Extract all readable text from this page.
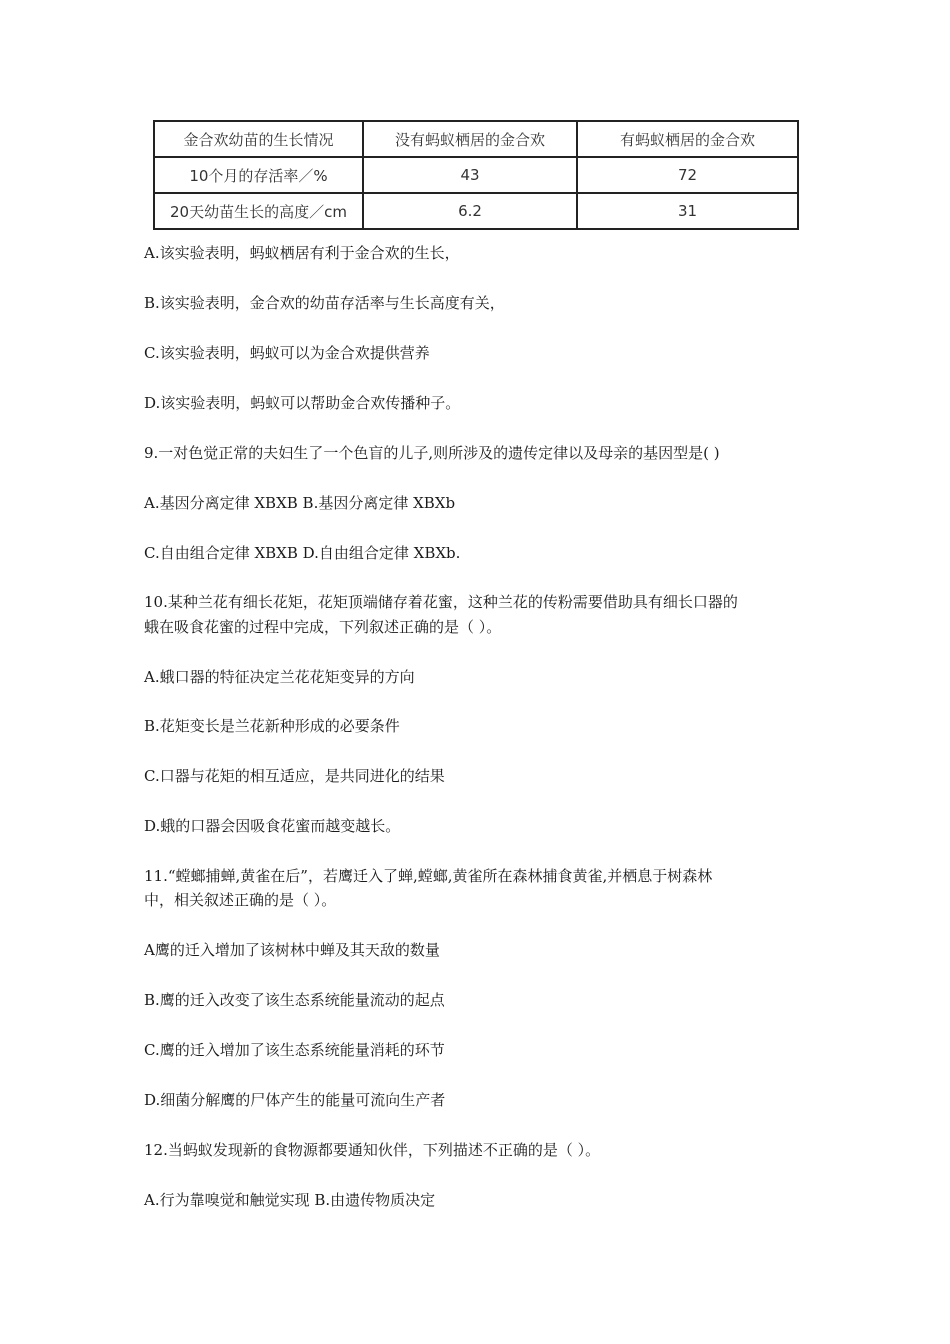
金合欢幼苗的生长情况	没有蚂蚁栖居的金合欢	有蚂蚁栖居的金合欢
10个月的存活率／%	43	72
20天幼苗生长的高度／cm	6.2	31
A.该实验表明，蚂蚁栖居有利于金合欢的生长，
B.该实验表明，金合欢的幼苗存活率与生长高度有关，
C.该实验表明，蚂蚁可以为金合欢提供营养
D.该实验表明，蚂蚁可以帮助金合欢传播种子。
9.一对色觉正常的夫妇生了一个色盲的儿子,则所涉及的遗传定律以及母亲的基因型是( )
A.基因分离定律 XBXB B.基因分离定律 XBXb
C.自由组合定律 XBXB D.自由组合定律 XBXb.
10.某种兰花有细长花矩，花矩顶端储存着花蜜，这种兰花的传粉需要借助具有细长口器的
蛾在吸食花蜜的过程中完成，下列叙述正确的是（ ）。
A.蛾口器的特征决定兰花花矩变异的方向
B.花矩变长是兰花新种形成的必要条件
C.口器与花矩的相互适应，是共同进化的结果
D.蛾的口器会因吸食花蜜而越变越长。
11.“螳螂捕蝉,黄雀在后”，若鹰迁入了蝉,螳螂,黄雀所在森林捕食黄雀,并栖息于树森林
中，相关叙述正确的是（ ）。
A鹰的迁入增加了该树林中蝉及其天敌的数量
B.鹰的迁入改变了该生态系统能量流动的起点
C.鹰的迁入增加了该生态系统能量消耗的环节
D.细菌分解鹰的尸体产生的能量可流向生产者
12.当蚂蚁发现新的食物源都要通知伙伴，下列描述不正确的是（ ）。
A.行为靠嗅觉和触觉实现 B.由遗传物质决定
